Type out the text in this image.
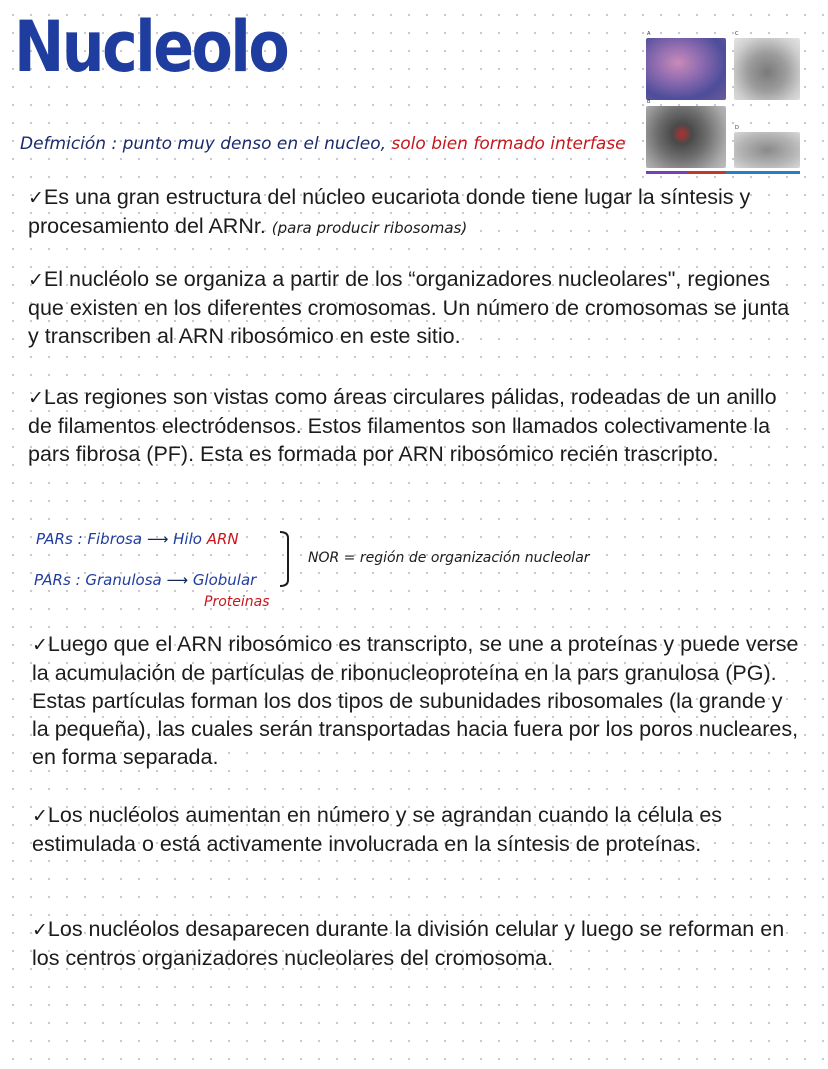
Nucleolo
Defmición : punto muy denso en el nucleo, solo bien formado interfase
A
B
C
D
✓Es una gran estructura del núcleo eucariota donde tiene lugar la síntesis y procesamiento del ARNr. (para producir ribosomas)
✓El nucléolo se organiza a partir de los “organizadores nucleolares", regiones que existen en los diferentes cromosomas. Un número de cromosomas se junta y transcriben al ARN ribosómico en este sitio.
✓Las regiones son vistas como áreas circulares pálidas, rodeadas de un anillo de filamentos electródensos. Estos filamentos son llamados colectivamente la pars fibrosa (PF). Esta es formada por ARN ribosómico recién trascripto.
PARs : Fibrosa ⟶ Hilo ARN
PARs : Granulosa ⟶ Globular
Proteinas
NOR = región de organización nucleolar
✓Luego que el ARN ribosómico es transcripto, se une a proteínas y puede verse la acumulación de partículas de ribonucleoproteína en la pars granulosa (PG). Estas partículas forman los dos tipos de subunidades ribosomales (la grande y la pequeña), las cuales serán transportadas hacia fuera por los poros nucleares, en forma separada.
✓Los nucléolos aumentan en número y se agrandan cuando la célula es estimulada o está activamente involucrada en la síntesis de proteínas.
✓Los nucléolos desaparecen durante la división celular y luego se reforman en los centros organizadores nucleolares del cromosoma.
